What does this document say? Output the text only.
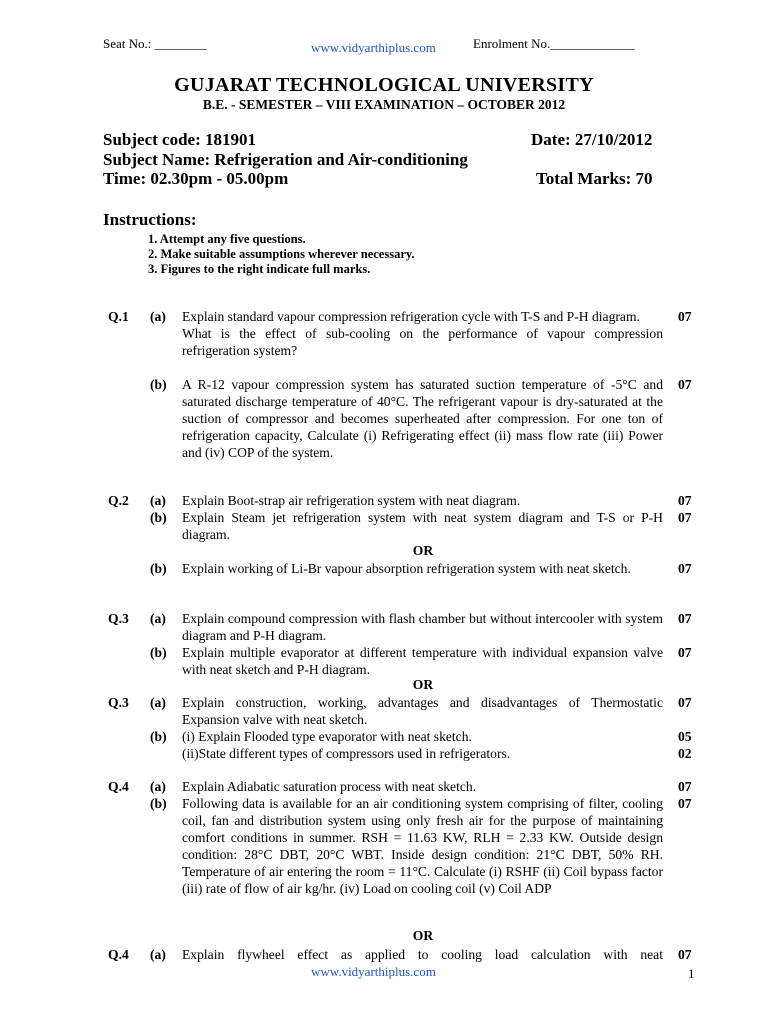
Seat No.: ________	www.vidyarthiplus.com	Enrolment No._____________
GUJARAT TECHNOLOGICAL UNIVERSITY
B.E. - SEMESTER – VIII EXAMINATION – OCTOBER 2012
Subject code: 181901	Date: 27/10/2012
Subject Name: Refrigeration and Air-conditioning
Time: 02.30pm - 05.00pm	Total Marks: 70
Instructions:
1. Attempt any five questions.
2. Make suitable assumptions wherever necessary.
3. Figures to the right indicate full marks.
Q.1 (a) Explain standard vapour compression refrigeration cycle with T-S and P-H diagram.
What is the effect of sub-cooling on the performance of vapour compression refrigeration system?
07
(b) A R-12 vapour compression system has saturated suction temperature of -5°C and saturated discharge temperature of 40°C. The refrigerant vapour is dry-saturated at the suction of compressor and becomes superheated after compression. For one ton of refrigeration capacity, Calculate (i) Refrigerating effect (ii) mass flow rate (iii) Power and (iv) COP of the system.
07
Q.2 (a) Explain Boot-strap air refrigeration system with neat diagram.	07
(b) Explain Steam jet refrigeration system with neat system diagram and T-S or P-H diagram.
07
OR
(b) Explain working of Li-Br vapour absorption refrigeration system with neat sketch.	07
Q.3 (a) Explain compound compression with flash chamber but without intercooler with system diagram and P-H diagram.
07
(b) Explain multiple evaporator at different temperature with individual expansion valve with neat sketch and P-H diagram.
07
OR
Q.3 (a) Explain construction, working, advantages and disadvantages of Thermostatic Expansion valve with neat sketch.
07
(b) (i) Explain Flooded type evaporator with neat sketch.
(ii)State different types of compressors used in refrigerators.
05
02
Q.4 (a) Explain Adiabatic saturation process with neat sketch.	07
(b) Following data is available for an air conditioning system comprising of filter, cooling coil, fan and distribution system using only fresh air for the purpose of maintaining comfort conditions in summer. RSH = 11.63 KW, RLH = 2.33 KW. Outside design condition: 28°C DBT, 20°C WBT. Inside design condition: 21°C DBT, 50% RH. Temperature of air entering the room = 11°C. Calculate (i) RSHF (ii) Coil bypass factor (iii) rate of flow of air kg/hr. (iv) Load on cooling coil (v) Coil ADP
07
OR
Q.4 (a) Explain flywheel effect as applied to cooling load calculation with neat 07
www.vidyarthiplus.com	1
